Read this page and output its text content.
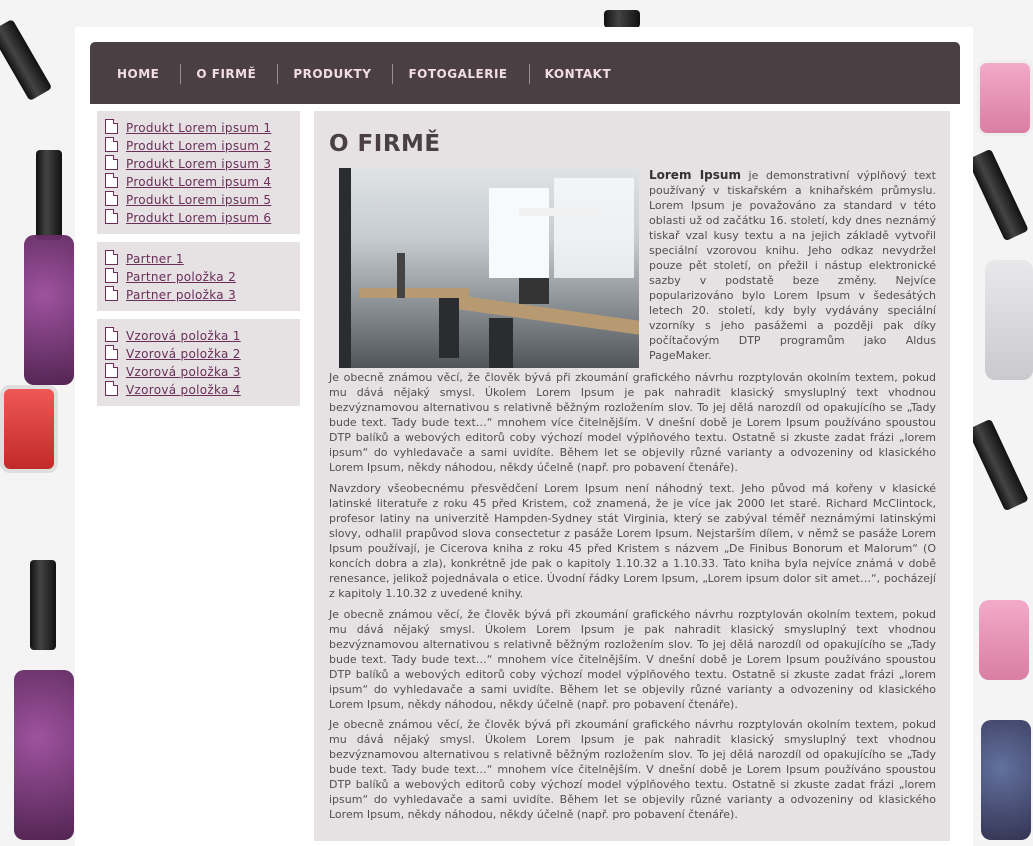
HOME	O FIRMĚ	PRODUKTY	FOTOGALERIE	KONTAKT
Produkt Lorem ipsum 1
Produkt Lorem ipsum 2
Produkt Lorem ipsum 3
Produkt Lorem ipsum 4
Produkt Lorem ipsum 5
Produkt Lorem ipsum 6
Partner 1
Partner položka 2
Partner položka 3
Vzorová položka 1
Vzorová položka 2
Vzorová položka 3
Vzorová položka 4
O FIRMĚ

Lorem Ipsum je demonstrativní výplňový text používaný v tiskařském a knihařském průmyslu. Lorem Ipsum je považováno za standard v této oblasti už od začátku 16. století, kdy dnes neznámý tiskař vzal kusy textu a na jejich základě vytvořil speciální vzorovou knihu. Jeho odkaz nevydržel pouze pět století, on přežil i nástup elektronické sazby v podstatě beze změny. Nejvíce popularizováno bylo Lorem Ipsum v šedesátých letech 20. století, kdy byly vydávány speciální vzorníky s jeho pasážemi a později pak díky počítačovým DTP programům jako Aldus PageMaker.

Je obecně známou věcí, že člověk bývá při zkoumání grafického návrhu rozptylován okolním textem, pokud mu dává nějaký smysl. Úkolem Lorem Ipsum je pak nahradit klasický smysluplný text vhodnou bezvýznamovou alternativou s relativně běžným rozložením slov. To jej dělá narozdíl od opakujícího se „Tady bude text. Tady bude text…“ mnohem více čitelnějším. V dnešní době je Lorem Ipsum používáno spoustou DTP balíků a webových editorů coby výchozí model výplňového textu. Ostatně si zkuste zadat frázi „lorem ipsum“ do vyhledavače a sami uvidíte. Během let se objevily různé varianty a odvozeniny od klasického Lorem Ipsum, někdy náhodou, někdy účelně (např. pro pobavení čtenáře).

Navzdory všeobecnému přesvědčení Lorem Ipsum není náhodný text. Jeho původ má kořeny v klasické latinské literatuře z roku 45 před Kristem, což znamená, že je více jak 2000 let staré. Richard McClintock, profesor latiny na univerzitě Hampden-Sydney stát Virginia, který se zabýval téměř neznámými latinskými slovy, odhalil prapůvod slova consectetur z pasáže Lorem Ipsum. Nejstarším dílem, v němž se pasáže Lorem Ipsum používají, je Cicerova kniha z roku 45 před Kristem s názvem „De Finibus Bonorum et Malorum“ (O koncích dobra a zla), konkrétně jde pak o kapitoly 1.10.32 a 1.10.33. Tato kniha byla nejvíce známá v době renesance, jelikož pojednávala o etice. Úvodní řádky Lorem Ipsum, „Lorem ipsum dolor sit amet…“, pocházejí z kapitoly 1.10.32 z uvedené knihy.

Je obecně známou věcí, že člověk bývá při zkoumání grafického návrhu rozptylován okolním textem, pokud mu dává nějaký smysl. Úkolem Lorem Ipsum je pak nahradit klasický smysluplný text vhodnou bezvýznamovou alternativou s relativně běžným rozložením slov. To jej dělá narozdíl od opakujícího se „Tady bude text. Tady bude text…“ mnohem více čitelnějším. V dnešní době je Lorem Ipsum používáno spoustou DTP balíků a webových editorů coby výchozí model výplňového textu. Ostatně si zkuste zadat frázi „lorem ipsum“ do vyhledavače a sami uvidíte. Během let se objevily různé varianty a odvozeniny od klasického Lorem Ipsum, někdy náhodou, někdy účelně (např. pro pobavení čtenáře).

Je obecně známou věcí, že člověk bývá při zkoumání grafického návrhu rozptylován okolním textem, pokud mu dává nějaký smysl. Úkolem Lorem Ipsum je pak nahradit klasický smysluplný text vhodnou bezvýznamovou alternativou s relativně běžným rozložením slov. To jej dělá narozdíl od opakujícího se „Tady bude text. Tady bude text…“ mnohem více čitelnějším. V dnešní době je Lorem Ipsum používáno spoustou DTP balíků a webových editorů coby výchozí model výplňového textu. Ostatně si zkuste zadat frázi „lorem ipsum“ do vyhledavače a sami uvidíte. Během let se objevily různé varianty a odvozeniny od klasického Lorem Ipsum, někdy náhodou, někdy účelně (např. pro pobavení čtenáře).
